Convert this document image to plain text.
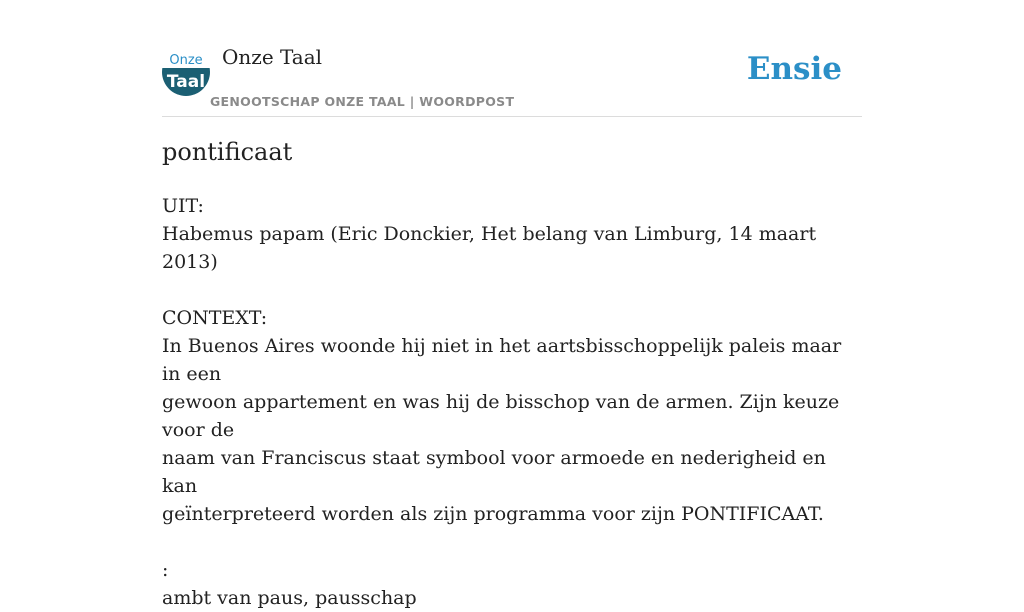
Onze
Taal
Onze Taal
GENOOTSCHAP ONZE TAAL | WOORDPOST
Ensie
pontificaat

UIT:

Habemus papam (Eric Donckier, Het belang van Limburg, 14 maart 2013)

CONTEXT:

In Buenos Aires woonde hij niet in het aartsbisschoppelijk paleis maar in een

gewoon appartement en was hij de bisschop van de armen. Zijn keuze voor de

naam van Franciscus staat symbool voor armoede en nederigheid en kan

geïnterpreteerd worden als zijn programma voor zijn PONTIFICAAT.

:

ambt van paus, pausschap
